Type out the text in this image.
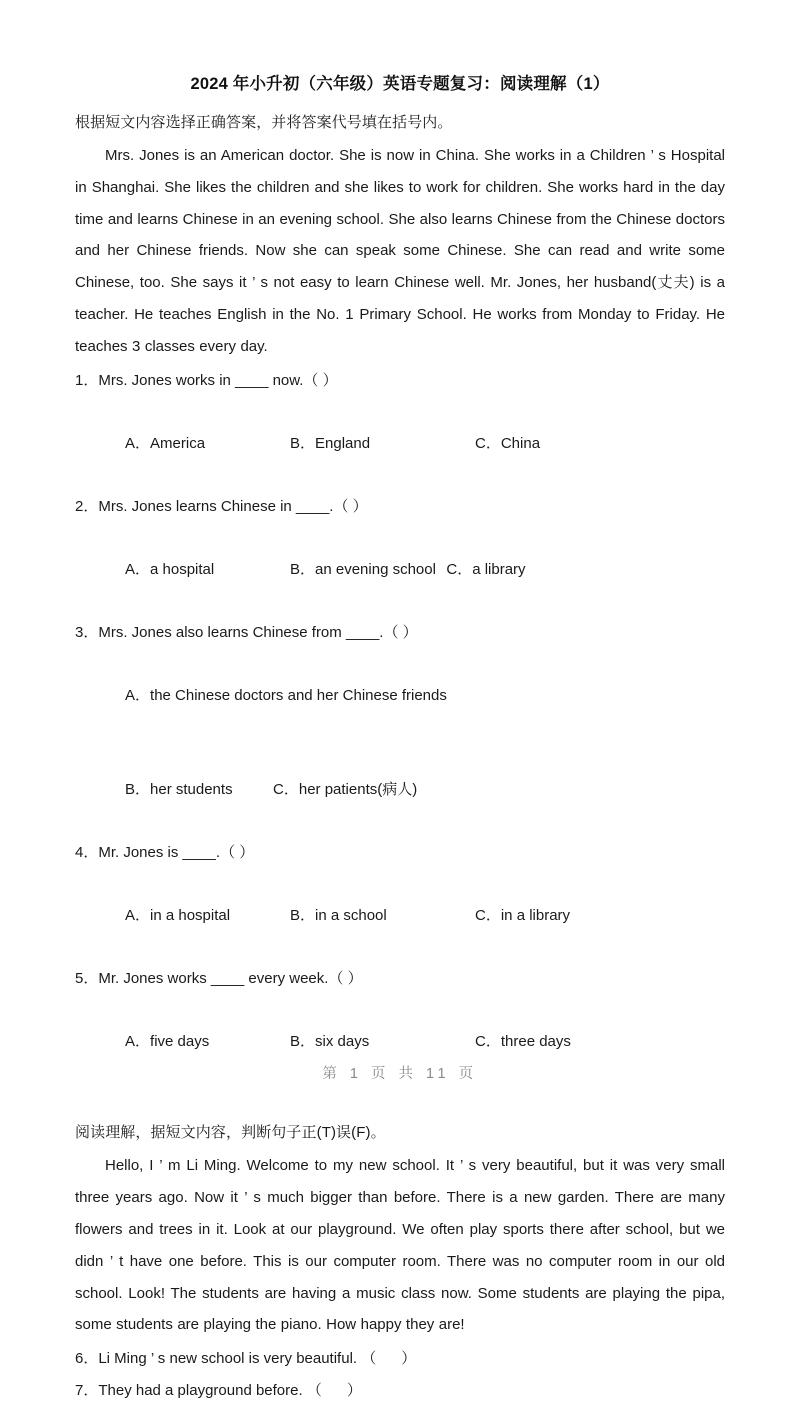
2024 年小升初（六年级）英语专题复习：阅读理解（1）
根据短文内容选择正确答案，并将答案代号填在括号内。
Mrs. Jones is an American doctor. She is now in China. She works in a Children ’ s Hospital in Shanghai. She likes the children and she likes to work for children. She works hard in the day time and learns Chinese in an evening school. She also learns Chinese from the Chinese doctors and her Chinese friends. Now she can speak some Chinese. She can read and write some Chinese, too. She says it ’ s not easy to learn Chinese well. Mr. Jones, her husband(丈夫) is a teacher. He teaches English in the No. 1 Primary School. He works from Monday to Friday. He teaches 3 classes every day.
1．Mrs. Jones works in ____ now.（ ）

A．America	B．England	C．China

2．Mrs. Jones learns Chinese in ____.（ ）

A．a hospital	B．an evening school C．a library

3．Mrs. Jones also learns Chinese from ____.（ ）

A．the Chinese doctors and her Chinese friends

B．her students	C．her patients(病人)

4．Mr. Jones is ____.（ ）

A．in a hospital	B．in a school	C．in a library

5．Mr. Jones works ____ every week.（ ）

A．five days	B．six days	C．three days

阅读理解，据短文内容，判断句子正(T)误(F)。
Hello, I ’ m Li Ming. Welcome to my new school. It ’ s very beautiful, but it was very small three years ago. Now it ’ s much bigger than before. There is a new garden. There are many flowers and trees in it. Look at our playground. We often play sports there after school, but we didn ’ t have one before. This is our computer room. There was no computer room in our old school. Look! The students are having a music class now. Some students are playing the pipa, some students are playing the piano. How happy they are!
6．Li Ming ’ s new school is very beautiful. （      ）
7．They had a playground before. （      ）
第 1 页 共 11 页
